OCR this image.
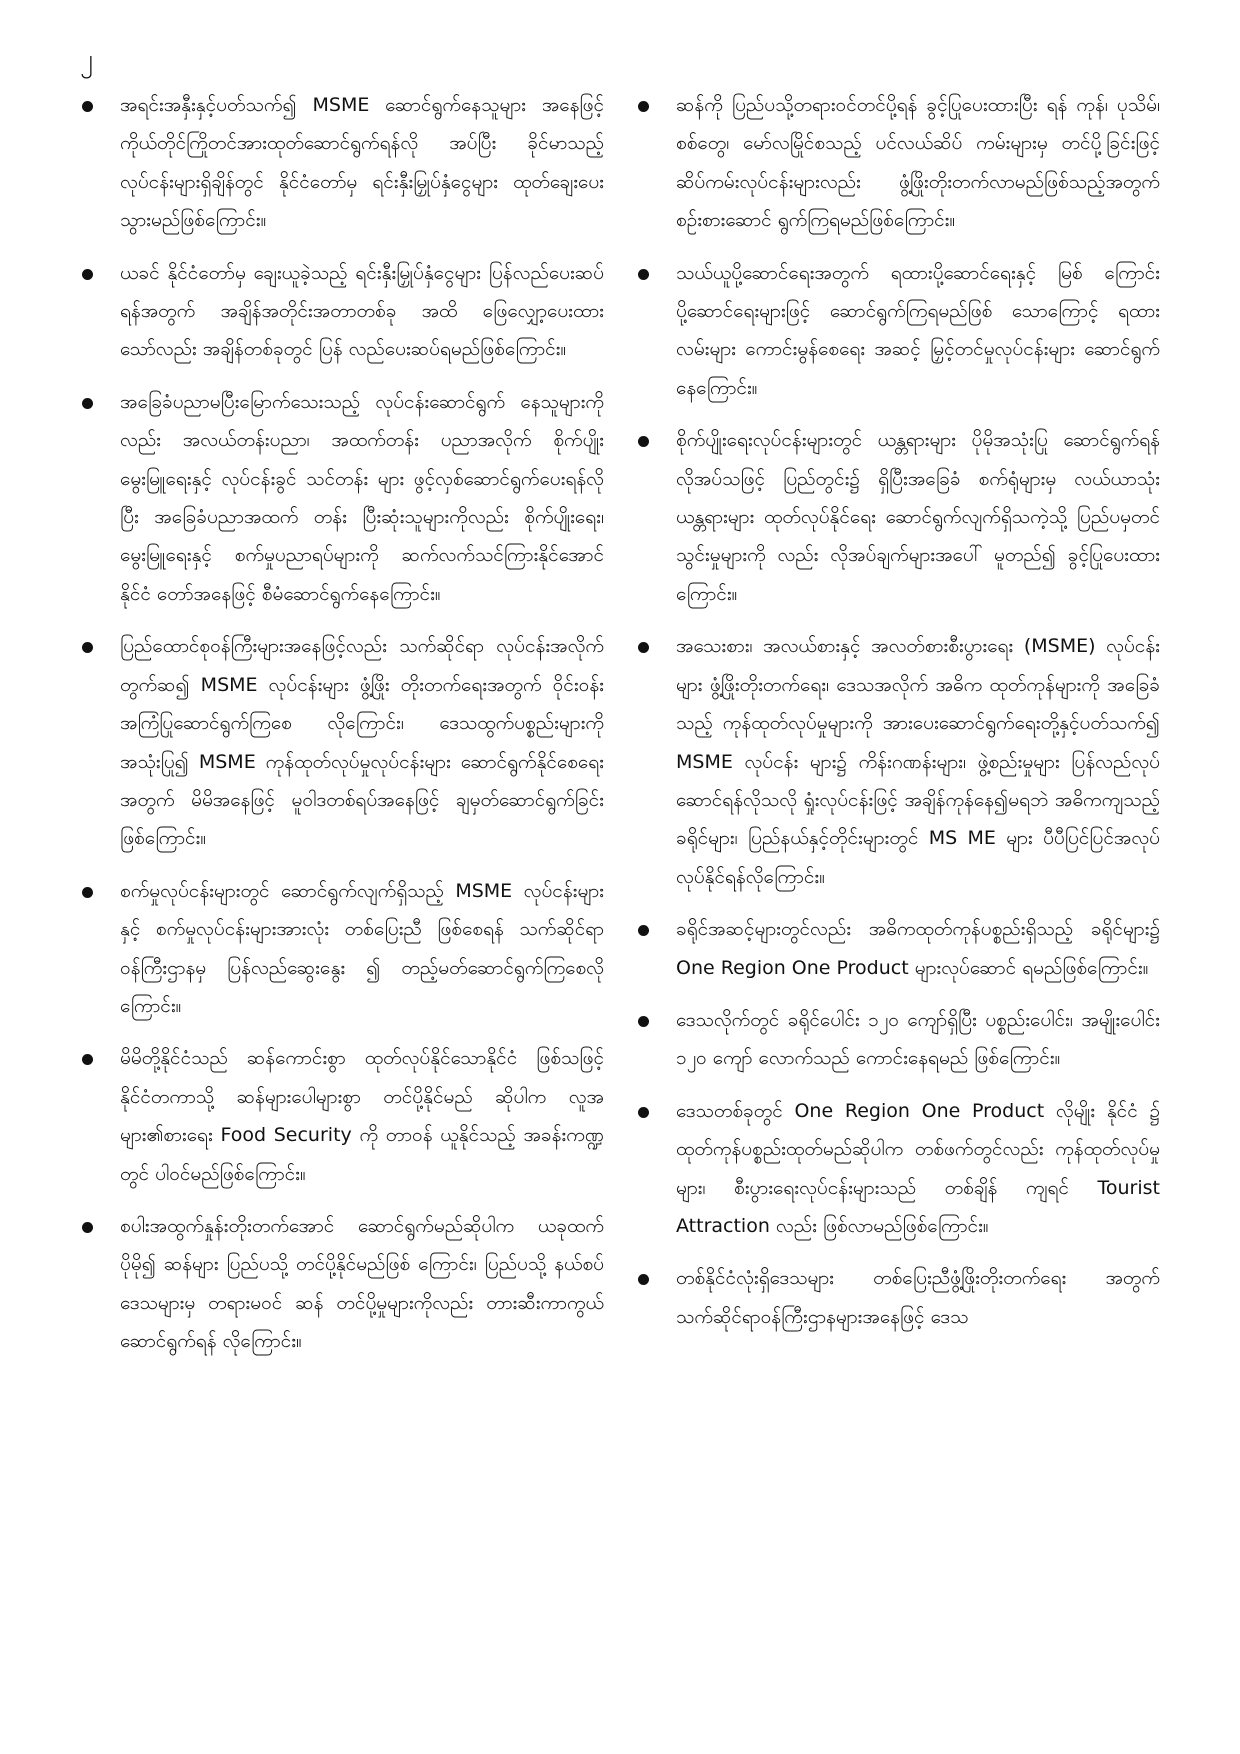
၂
အရင်းအနှီးနှင့်ပတ်သက်၍ MSME ဆောင်ရွက်နေသူများ အနေဖြင့် ကိုယ်တိုင်ကြိုတင်အားထုတ်ဆောင်ရွက်ရန်လို အပ်ပြီး ခိုင်မာသည့်လုပ်ငန်းများရှိချိန်တွင် နိုင်ငံတော်မှ ရင်းနှီးမြှုပ်နှံငွေများ ထုတ်ချေးပေးသွားမည်ဖြစ်ကြောင်း။
ယခင် နိုင်ငံတော်မှ ချေးယူခဲ့သည့် ရင်းနှီးမြှုပ်နှံငွေများ ပြန်လည်ပေးဆပ်ရန်အတွက် အချိန်အတိုင်းအတာတစ်ခု အထိ ဖြေလျှော့ပေးထားသော်လည်း အချိန်တစ်ခုတွင် ပြန် လည်ပေးဆပ်ရမည်ဖြစ်ကြောင်း။
အခြေခံပညာမပြီးမြောက်သေးသည့် လုပ်ငန်းဆောင်ရွက် နေသူများကိုလည်း အလယ်တန်းပညာ၊ အထက်တန်း ပညာအလိုက် စိုက်ပျိုးမွေးမြူရေးနှင့် လုပ်ငန်းခွင် သင်တန်း များ ဖွင့်လှစ်ဆောင်ရွက်ပေးရန်လိုပြီး အခြေခံပညာအထက် တန်း ပြီးဆုံးသူများကိုလည်း စိုက်ပျိုးရေး၊ မွေးမြူရေးနှင့် စက်မှုပညာရပ်များကို ဆက်လက်သင်ကြားနိုင်အောင် နိုင်ငံ တော်အနေဖြင့် စီမံဆောင်ရွက်နေကြောင်း။
ပြည်ထောင်စုဝန်ကြီးများအနေဖြင့်လည်း သက်ဆိုင်ရာ လုပ်ငန်းအလိုက်တွက်ဆ၍ MSME လုပ်ငန်းများ ဖွံ့ဖြိုး တိုးတက်ရေးအတွက် ဝိုင်းဝန်းအကြံပြုဆောင်ရွက်ကြစေ လိုကြောင်း၊ ဒေသထွက်ပစ္စည်းများကိုအသုံးပြု၍ MSME ကုန်ထုတ်လုပ်မှုလုပ်ငန်းများ ဆောင်ရွက်နိုင်စေရေးအတွက် မိမိအနေဖြင့် မူဝါဒတစ်ရပ်အနေဖြင့် ချမှတ်ဆောင်ရွက်ခြင်း ဖြစ်ကြောင်း။
စက်မှုလုပ်ငန်းများတွင် ဆောင်ရွက်လျက်ရှိသည့် MSME လုပ်ငန်းများနှင့် စက်မှုလုပ်ငန်းများအားလုံး တစ်ပြေးညီ ဖြစ်စေရန် သက်ဆိုင်ရာဝန်ကြီးဌာနမှ ပြန်လည်ဆွေးနွေး ၍ တည့်မတ်ဆောင်ရွက်ကြစေလိုကြောင်း။
မိမိတို့နိုင်ငံသည် ဆန်ကောင်းစွာ ထုတ်လုပ်နိုင်သောနိုင်ငံ ဖြစ်သဖြင့် နိုင်ငံတကာသို့ ဆန်များပေါများစွာ တင်ပို့နိုင်မည် ဆိုပါက လူအများ၏စားရေး Food Security ကို တာဝန် ယူနိုင်သည့် အခန်းကဏ္ဍတွင် ပါဝင်မည်ဖြစ်ကြောင်း။
စပါးအထွက်နှုန်းတိုးတက်အောင် ဆောင်ရွက်မည်ဆိုပါက ယခုထက်ပိုမို၍ ဆန်များ ပြည်ပသို့ တင်ပို့နိုင်မည်ဖြစ် ကြောင်း၊ ပြည်ပသို့ နယ်စပ်ဒေသများမှ တရားမဝင် ဆန် တင်ပို့မှုများကိုလည်း တားဆီးကာကွယ်ဆောင်ရွက်ရန် လိုကြောင်း။
ဆန်ကို ပြည်ပသို့တရားဝင်တင်ပို့ရန် ခွင့်ပြုပေးထားပြီး ရန် ကုန်၊ ပုသိမ်၊ စစ်တွေ၊ မော်လမြိုင်စသည့် ပင်လယ်ဆိပ် ကမ်းများမှ တင်ပို့ခြင်းဖြင့် ဆိပ်ကမ်းလုပ်ငန်းများလည်း ဖွံ့ဖြိုးတိုးတက်လာမည်ဖြစ်သည့်အတွက် စဉ်းစားဆောင် ရွက်ကြရမည်ဖြစ်ကြောင်း။
သယ်ယူပို့ဆောင်ရေးအတွက် ရထားပို့ဆောင်ရေးနှင့် မြစ် ကြောင်းပို့ဆောင်ရေးများဖြင့် ဆောင်ရွက်ကြရမည်ဖြစ် သောကြောင့် ရထားလမ်းများ ကောင်းမွန်စေရေး အဆင့် မြှင့်တင်မှုလုပ်ငန်းများ ဆောင်ရွက်နေကြောင်း။
စိုက်ပျိုးရေးလုပ်ငန်းများတွင် ယန္တရားများ ပိုမိုအသုံးပြု ဆောင်ရွက်ရန် လိုအပ်သဖြင့် ပြည်တွင်း၌ ရှိပြီးအခြေခံ စက်ရုံများမှ လယ်ယာသုံးယန္တရားများ ထုတ်လုပ်နိုင်ရေး ဆောင်ရွက်လျက်ရှိသကဲ့သို့ ပြည်ပမှတင်သွင်းမှုများကို လည်း လိုအပ်ချက်များအပေါ် မူတည်၍ ခွင့်ပြုပေးထား ကြောင်း။
အသေးစား၊ အလယ်စားနှင့် အလတ်စားစီးပွားရေး (MSME) လုပ်ငန်းများ ဖွံ့ဖြိုးတိုးတက်ရေး၊ ဒေသအလိုက် အဓိက ထုတ်ကုန်များကို အခြေခံသည့် ကုန်ထုတ်လုပ်မှုများကို အားပေးဆောင်ရွက်ရေးတို့နှင့်ပတ်သက်၍ MSME လုပ်ငန်း များ၌ ကိန်းဂဏန်းများ၊ ဖွဲ့စည်းမှုများ ပြန်လည်လုပ် ဆောင်ရန်လိုသလို ရှုံးလုပ်ငန်းဖြင့် အချိန်ကုန်နေ၍မရဘဲ အဓိကကျသည့် ခရိုင်များ၊ ပြည်နယ်နှင့်တိုင်းများတွင် MS ME များ ပီပီပြင်ပြင်အလုပ်လုပ်နိုင်ရန်လိုကြောင်း။
ခရိုင်အဆင့်များတွင်လည်း အဓိကထုတ်ကုန်ပစ္စည်းရှိသည့် ခရိုင်များ၌ One Region One Product များလုပ်ဆောင် ရမည်ဖြစ်ကြောင်း။
ဒေသလိုက်တွင် ခရိုင်ပေါင်း ၁၂၀ ကျော်ရှိပြီး ပစ္စည်းပေါင်း၊ အမျိုးပေါင်း ၁၂၀ ကျော် လောက်သည် ကောင်းနေရမည် ဖြစ်ကြောင်း။
ဒေသတစ်ခုတွင် One Region One Product လိုမျိုး နိုင်ငံ ၌ ထုတ်ကုန်ပစ္စည်းထုတ်မည်ဆိုပါက တစ်ဖက်တွင်လည်း ကုန်ထုတ်လုပ်မှုများ၊ စီးပွားရေးလုပ်ငန်းများသည် တစ်ချိန် ကျရင် Tourist Attraction လည်း ဖြစ်လာမည်ဖြစ်ကြောင်း။
တစ်နိုင်ငံလုံးရှိဒေသများ တစ်ပြေးညီဖွံ့ဖြိုးတိုးတက်ရေး အတွက် သက်ဆိုင်ရာဝန်ကြီးဌာနများအနေဖြင့် ဒေသ
